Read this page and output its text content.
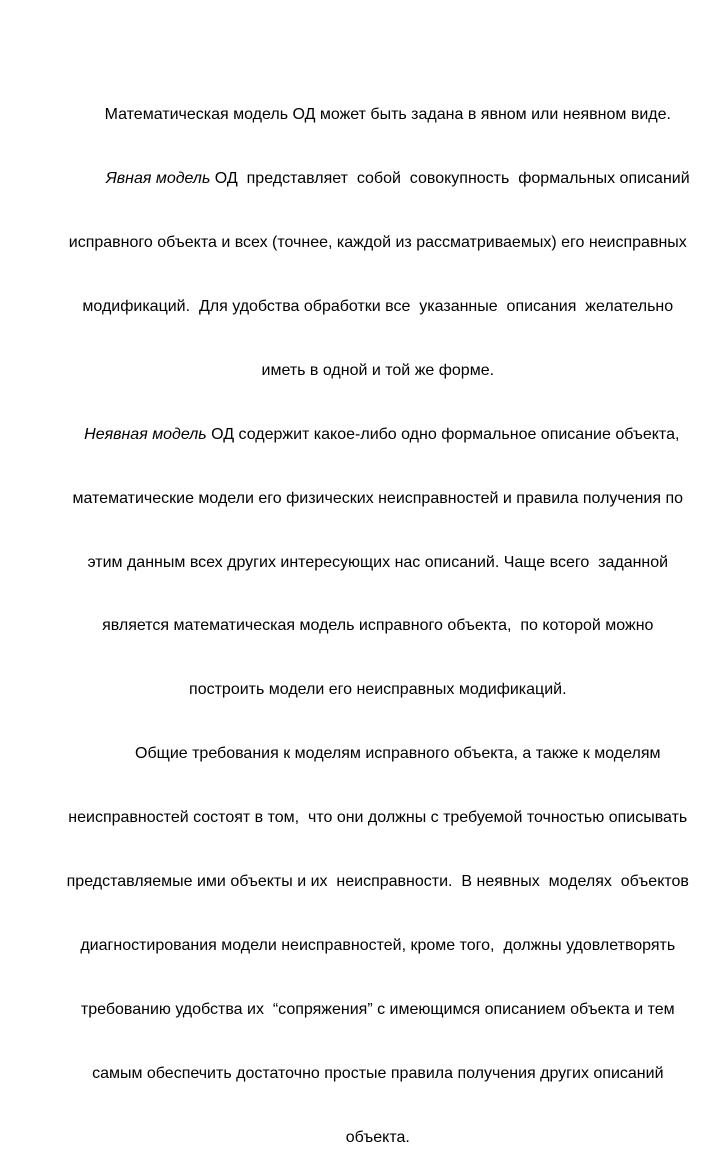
Математическая модель ОД может быть задана в явном или неявном виде.

Явная модель ОД  представляет  собой  совокупность  формальных описаний

исправного объекта и всех (точнее, каждой из рассматриваемых) его неисправных

модификаций.  Для удобства обработки все  указанные  описания  желательно

иметь в одной и той же форме.

Неявная модель ОД содержит какое-либо одно формальное описание объекта,

математические модели его физических неисправностей и правила получения по

этим данным всех других интересующих нас описаний. Чаще всего  заданной

является математическая модель исправного объекта,  по которой можно

построить модели его неисправных модификаций.

Общие требования к моделям исправного объекта, а также к моделям

неисправностей состоят в том,  что они должны с требуемой точностью описывать

представляемые ими объекты и их  неисправности.  В неявных  моделях  объектов

диагностирования модели неисправностей, кроме того,  должны удовлетворять

требованию удобства их  “сопряжения” с имеющимся описанием объекта и тем

самым обеспечить достаточно простые правила получения других описаний

объекта.
